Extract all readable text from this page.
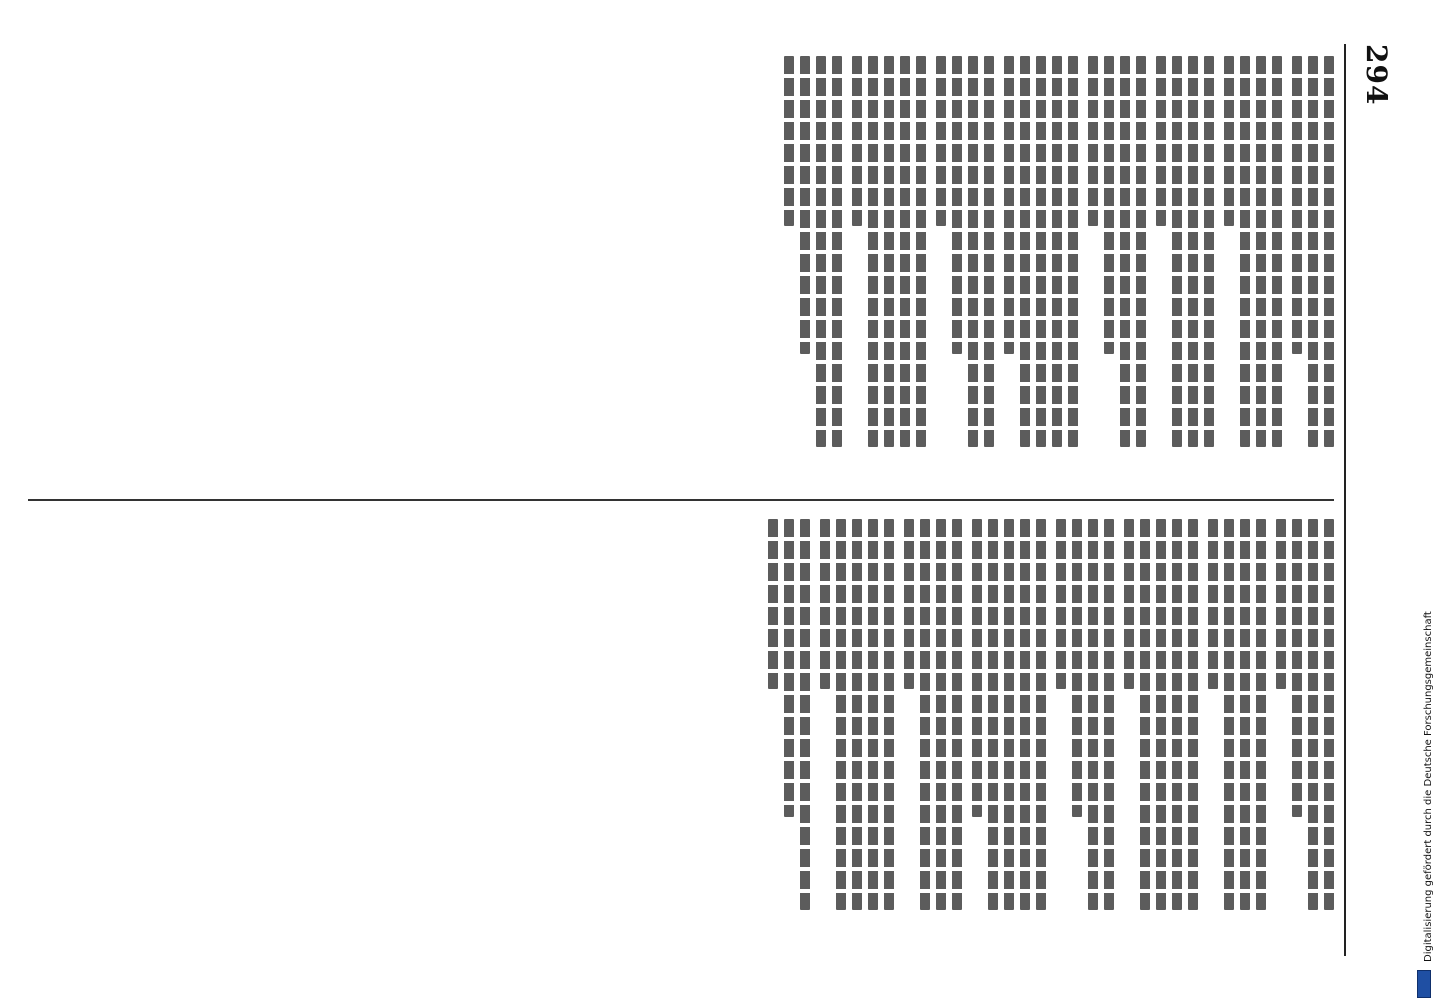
294
Digitalisierung gefördert durch die Deutsche Forschungsgemeinschaft
